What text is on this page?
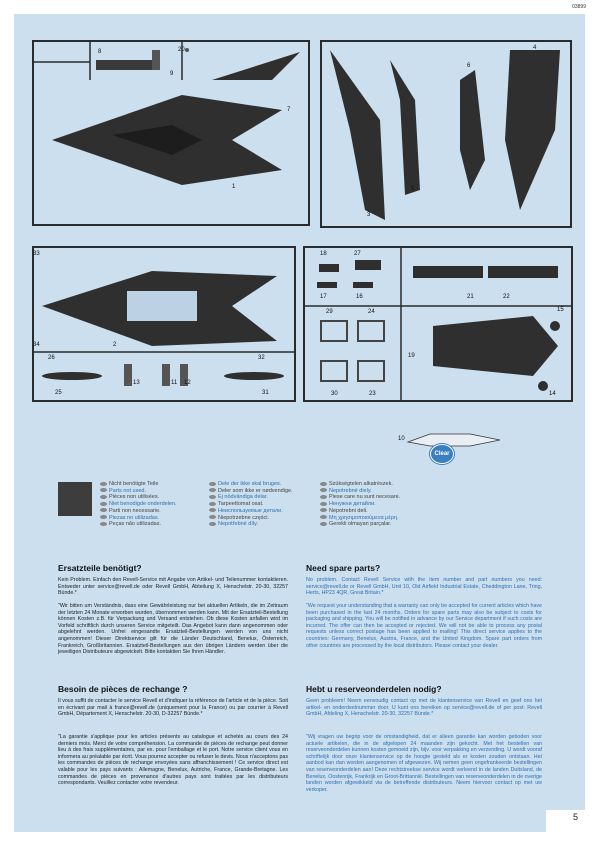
03899
8	20
9
7
1
6
4
5
3
33
2
34
26	32
25
13	11 12
31
18	27
17	16	21	22
29	24	15
19
30	23	14
10
Clear
Nicht benötigte Teile
Parts not used.
Pièces non utilisées.
Niet benodigde onderdelen.
Parti non necessarie.
Piezas no utilizadas.
Peças não utilizadas.
Dele der ikke skal bruges.
Deler som ikke er nødvendige.
Ej nödvändiga delar.
Tarpeettomat osat.
Неиспользуемые детали.
Niepotrzebne części.
Nepotřebné díly.
Szükségtelen alkatrészek.
Nepotrebné diely.
Piese care nu sunt necesare.
Ненужни детайли.
Nepotrebni deli.
Μη χρησιμοποιούμενα μέρη.
Gerekli olmayan parçalar.
Ersatzteile benötigt?
Kein Problem. Einfach den Revell-Service mit Angabe von Artikel- und Teilenummer kontaktieren. Entweder unter service@revell.de oder Revell GmbH, Abteilung X, Henschelstr. 20-30, 32257 Bünde.*
"Wir bitten um Verständnis, dass eine Gewährleistung nur bei aktuellen Artikeln, die im Zeitraum der letzten 24 Monate erworben wurden, übernommen werden kann. Mit der Ersatzteil-Bestellung können Kosten z.B. für Verpackung und Versand entstehen. Ob diese Kosten anfallen wird im Vorfeld schriftlich durch unseren Service mitgeteilt. Das Angebot kann dann angenommen oder abgelehnt werden. Unfrei eingesandte Ersatzteil-Bestellungen werden von uns nicht angenommen! Dieser Direktservice gilt für die Länder Deutschland, Benelux, Österreich, Frankreich, Großbritannien. Ersatzteil-Bestellungen aus den übrigen Ländern werden über die jeweiligen Distributeure abgewickelt. Bitte kontaktien Sie Ihren Händler.
Besoin de pièces de rechange ?
Il vous suffit de contacter le service Revell et d'indiquer la référence de l'article et de la pièce. Soit en écrivant par mail à france@revell.de (uniquement pour la France) ou par courrier à Revell GmbH, Département X, Henschelstr. 20-30, D-32257 Bünde.*
"La garantie s'applique pour les articles présents au catalogue et achetés au cours des 24 derniers mois. Merci de votre compréhension. La commande de pièces de rechange peut donner lieu à des frais supplémentaires, par ex. pour l'emballage et le port. Notre service client vous en informera au préalable par écrit. Vous pourrez accepter ou refuser le devis. Nous n'acceptons pas les commandes de pièces de rechange envoyées sans affranchissement ! Ce service direct est valable pour les pays suivants : Allemagne, Benelux, Autriche, France, Grande-Bretagne. Les commandes de pièces en provenance d'autres pays sont traitées par les distributeurs correspondants. Veuillez contacter votre revendeur.
Need spare parts?
No problem. Contact Revell Service with the item number and part numbers you need: service@revell.de or Revell GmbH, Unit 10, Old Airfield Industrial Estate, Cheddington Lane, Tring, Herts, HP23 4QR, Great Britain.*
"We request your understanding that a warranty can only be accepted for current articles which have been purchased in the last 24 months. Orders for spare parts may also be subject to costs for packaging and shipping. You will be notified in advance by our Service department if such costs are incurred. The offer can then be accepted or rejected. We will not be able to process any postal requests unless correct postage has been applied to mailing! This direct service applies to the countries: Germany, Benelux, Austria, France, and the United Kingdom. Spare part orders from other countries are processed by the local distributors. Please contact your dealer.
Hebt u reserveonderdelen nodig?
Geen probleem! Neem eenvoudig contact op met de klantenservice van Revell en geef ons het artikel- en onderdeelnummer door. U kunt ons bereiken op service@revell.de of per post: Revell GmbH, Afdeling X, Henschelstr. 20-30, 32257 Bünde.*
"Wij vragen uw begrip voor de omstandigheid, dat er alleen garantie kan worden geboden voor actuele artikelen, die in de afgelopen 24 maanden zijn gekocht. Met het bestellen van reserveonderdelen kunnen kosten gemoeid zijn, bijv. voor verpakking en verzending. U wordt vooraf schriftelijk door onze klantenservice op de hoogte gesteld als er kosten zouden ontstaan. Het aanbod kan dan worden aangenomen of afgewezen. Wij nemen geen ongefrankeerde bestellingen van reserveonderdelen aan! Deze rechtstreekse service wordt verleend in de landen Duitsland, de Benelux, Oostenrijk, Frankrijk en Groot-Brittannië. Bestellingen van reserveonderdelen in de overige landen worden afgewikkeld via de betreffende distributeurs. Neem hiervoor contact op met uw verkoper.
5
